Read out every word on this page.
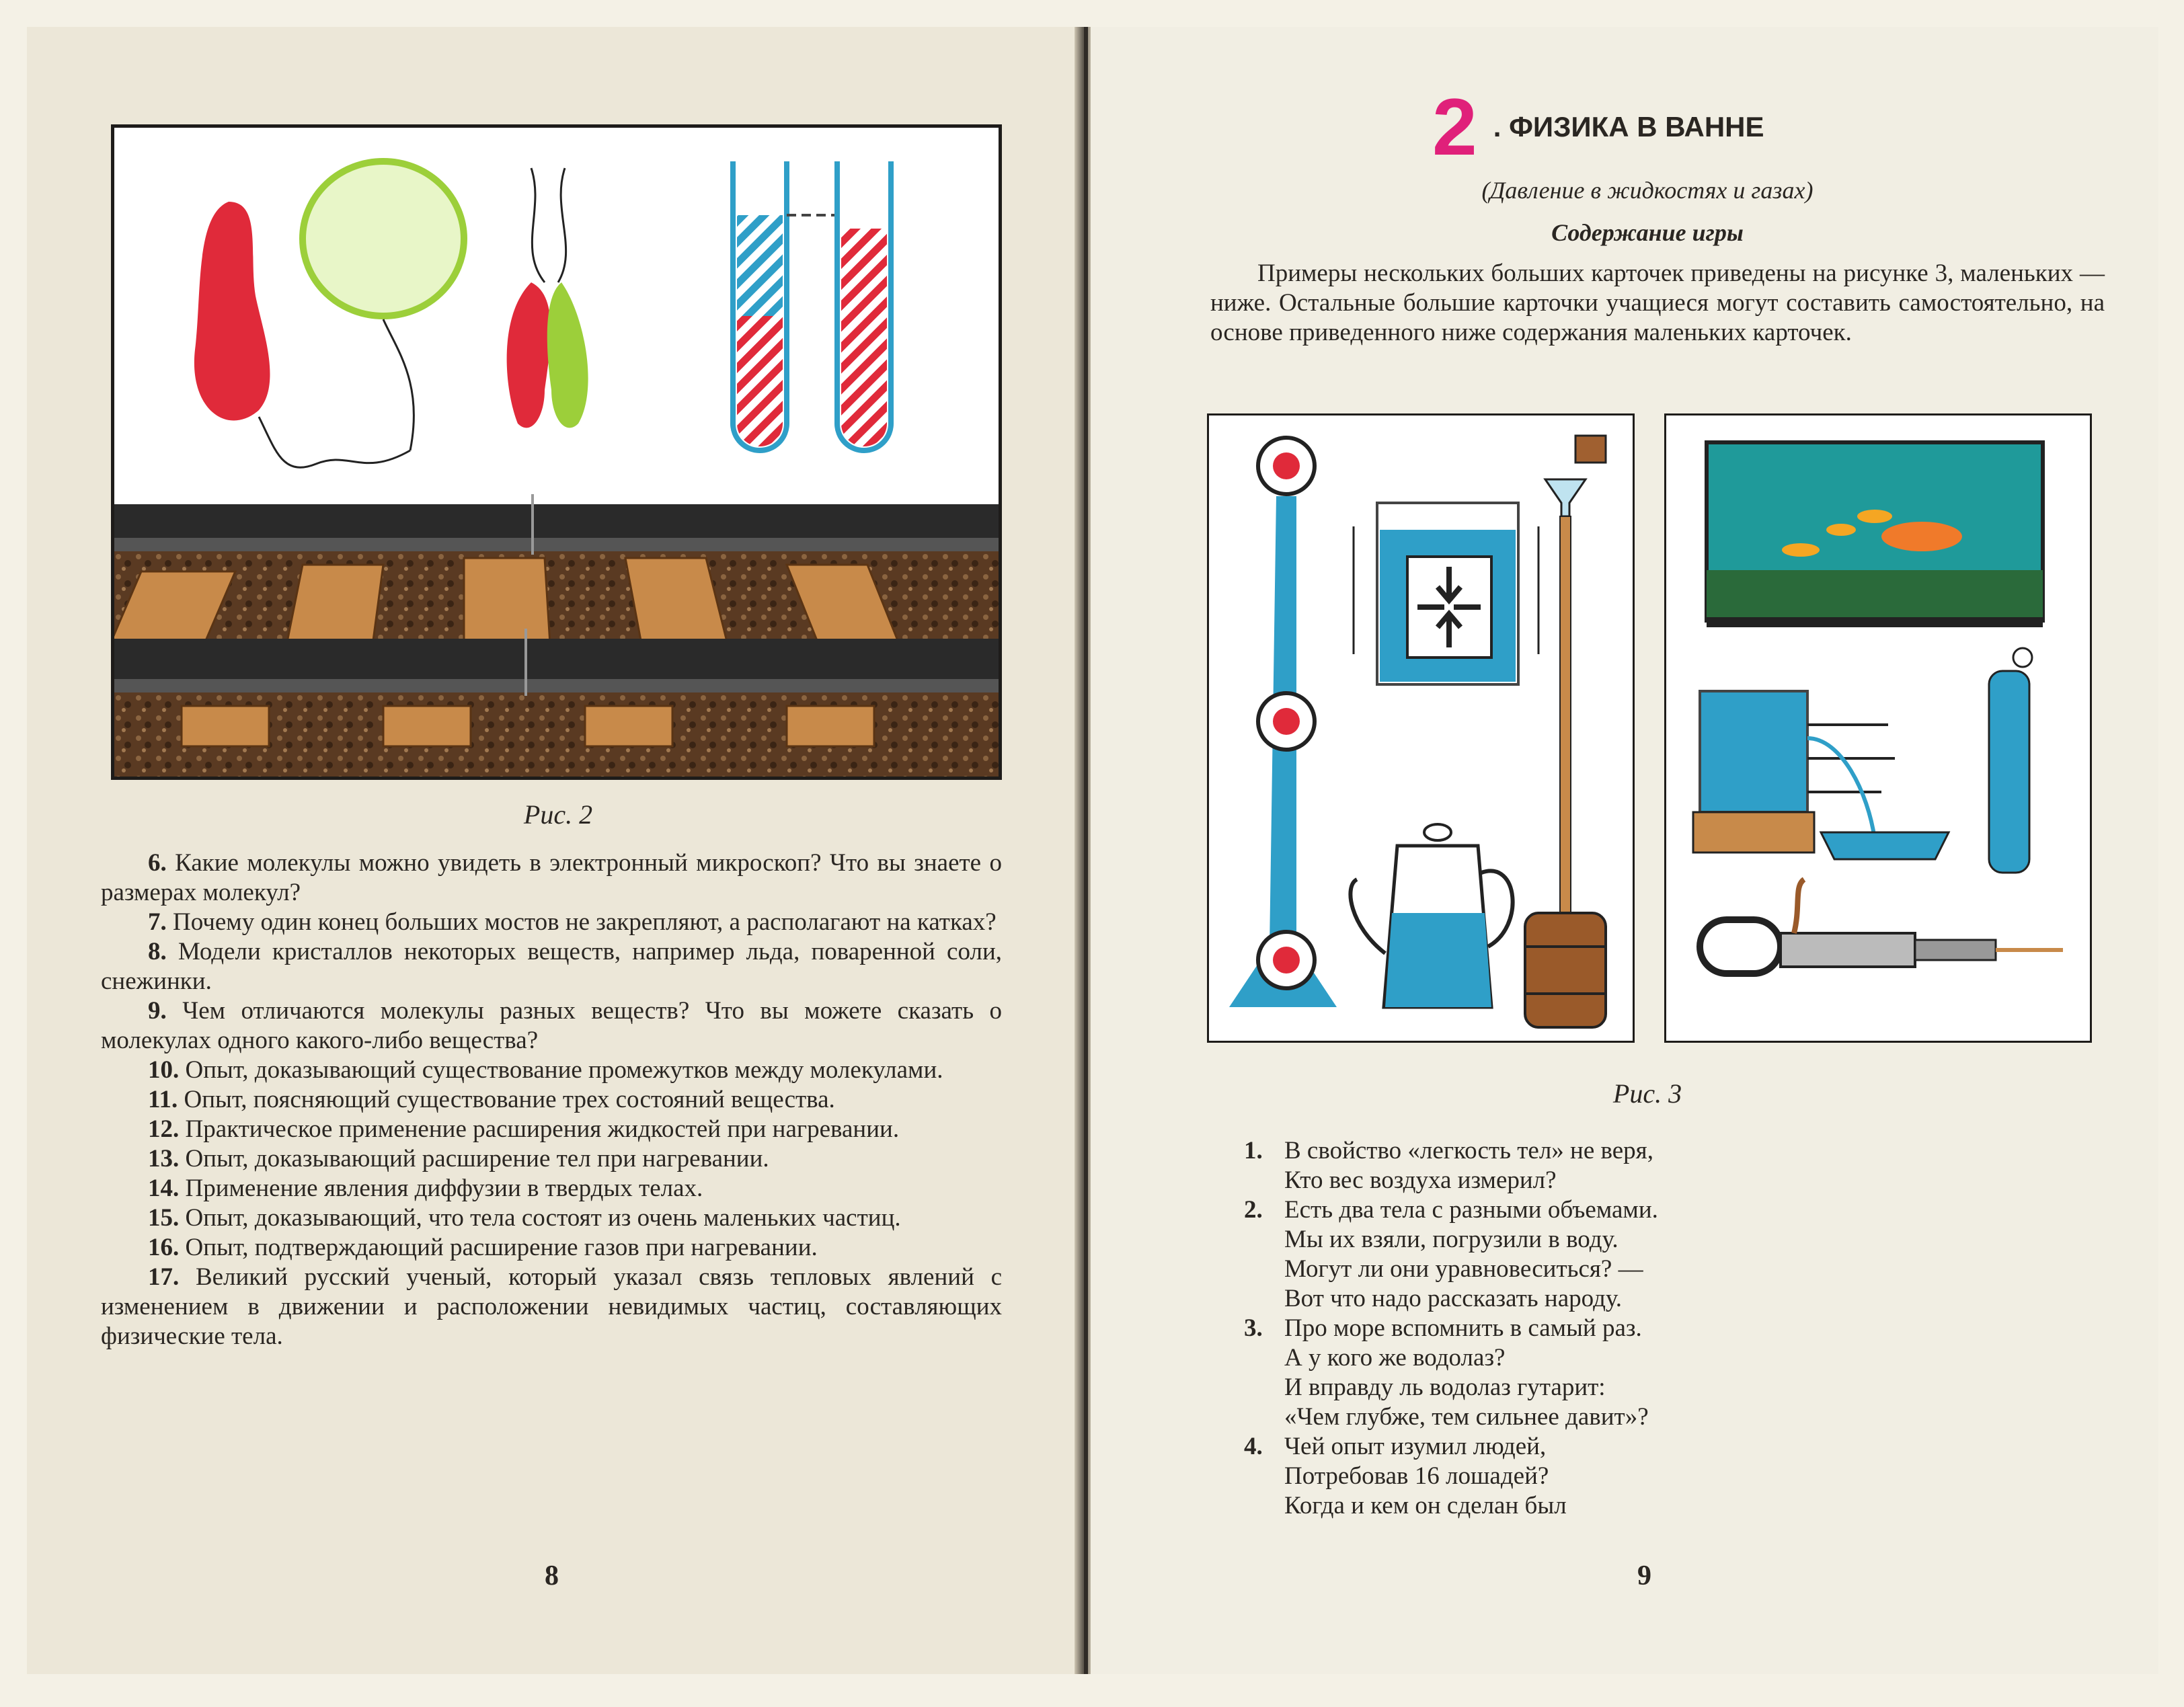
Рис. 2

6. Какие молекулы можно увидеть в электронный микроскоп? Что вы знаете о размерах молекул?

7. Почему один конец больших мостов не закрепляют, а располагают на катках?

8. Модели кристаллов некоторых веществ, например льда, поваренной соли, снежинки.

9. Чем отличаются молекулы разных веществ? Что вы можете сказать о молекулах одного какого-либо вещества?

10. Опыт, доказывающий существование промежутков между молекулами.

11. Опыт, поясняющий существование трех состояний вещества.

12. Практическое применение расширения жидкостей при нагревании.

13. Опыт, доказывающий расширение тел при нагревании.

14. Применение явления диффузии в твердых телах.

15. Опыт, доказывающий, что тела состоят из очень маленьких частиц.

16. Опыт, подтверждающий расширение газов при нагревании.

17. Великий русский ученый, который указал связь тепловых явлений с изменением в движении и расположении невидимых частиц, составляющих физические тела.

8
2 . ФИЗИКА В ВАННЕ
(Давление в жидкостях и газах)
Содержание игры

Примеры нескольких больших карточек приведены на рисунке 3, маленьких — ниже. Остальные большие карточки учащиеся могут составить самостоятельно, на основе приведенного ниже содержания маленьких карточек.

Рис. 3
1. В свойство «легкость тел» не веря,
Кто вес воздуха измерил?
2. Есть два тела с разными объемами.
Мы их взяли, погрузили в воду.
Могут ли они уравновеситься? —
Вот что надо рассказать народу.
3. Про море вспомнить в самый раз.
А у кого же водолаз?
И вправду ль водолаз гутарит:
«Чем глубже, тем сильнее давит»?
4. Чей опыт изумил людей,
Потребовав 16 лошадей?
Когда и кем он сделан был
9
